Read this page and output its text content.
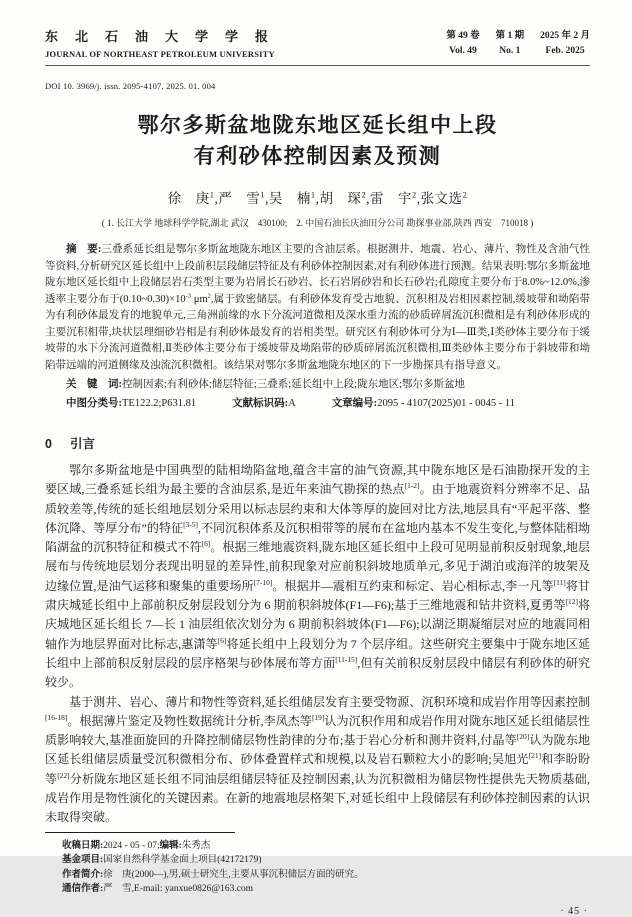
东北石油大学学报
JOURNAL OF NORTHEAST PETROLEUM UNIVERSITY
第 49 卷
Vol. 49
第 1 期
No. 1
2025 年 2 月
Feb. 2025
DOI 10. 3969/j. issn. 2095-4107. 2025. 01. 004
鄂尔多斯盆地陇东地区延长组中上段
有利砂体控制因素及预测
徐　庚$^1$,严　雪$^1$,吴　楠$^1$,胡　琛$^2$,雷　宇$^2$,张文选$^2$
( 1. 长江大学 地球科学学院,湖北 武汉　430100;　2. 中国石油长庆油田分公司 勘探事业部,陕西 西安　710018 )
摘　要:三叠系延长组是鄂尔多斯盆地陇东地区主要的含油层系。根据测井、地震、岩心、薄片、物性及含油气性等资料,分析研究区延长组中上段前积层段储层特征及有利砂体控制因素,对有利砂体进行预测。结果表明:鄂尔多斯盆地陇东地区延长组中上段储层岩石类型主要为岩屑长石砂岩、长石岩屑砂岩和长石砂岩;孔隙度主要分布于8.0%~12.0%,渗透率主要分布于$(0.10\sim 0.30)\times 10^{-3}$ $\mu m^2$,属于致密储层。有利砂体发育受古地貌、沉积相及岩相因素控制,缓坡带和坳陷带为有利砂体最发育的地貌单元,三角洲前缘的水下分流河道微相及深水重力流的砂质碎屑流沉积微相是有利砂体形成的主要沉积相带,块状层理细砂岩相是有利砂体最发育的岩相类型。研究区有利砂体可分为Ⅰ—Ⅲ类,Ⅰ类砂体主要分布于缓坡带的水下分流河道微相,Ⅱ类砂体主要分布于缓坡带及坳陷带的砂质碎屑流沉积微相,Ⅲ类砂体主要分布于斜坡带和坳陷带远端的河道侧缘及浊流沉积微相。该结果对鄂尔多斯盆地陇东地区的下一步勘探具有指导意义。
关　键　词:控制因素;有利砂体;储层特征;三叠系;延长组中上段;陇东地区;鄂尔多斯盆地
中图分类号:TE122.2;P631.81	文献标识码:A	文章编号:2095 - 4107(2025)01 - 0045 - 11
0 引言
鄂尔多斯盆地是中国典型的陆相坳陷盆地,蕴含丰富的油气资源,其中陇东地区是石油勘探开发的主要区域,三叠系延长组为最主要的含油层系,是近年来油气勘探的热点[1-2]。由于地震资料分辨率不足、品质较差等,传统的延长组地层划分采用以标志层约束和大体等厚的旋回对比方法,地层具有“平起平落、整体沉降、等厚分布”的特征[3-5],不同沉积体系及沉积相带等的展布在盆地内基本不发生变化,与整体陆相坳陷湖盆的沉积特征和模式不符[6]。根据三维地震资料,陇东地区延长组中上段可见明显前积反射现象,地层展布与传统地层划分表现出明显的差异性,前积现象对应前积斜坡地质单元,多见于湖泊或海洋的坡架及边缘位置,是油气运移和聚集的重要场所[7-10]。根据井—震相互约束和标定、岩心相标志,李一凡等[11]将甘肃庆城延长组中上部前积反射层段划分为 6 期前积斜坡体(F1—F6);基于三维地震和钻井资料,夏勇等[12]将庆城地区延长组长 7—长 1 油层组依次划分为 6 期前积斜坡体(F1—F6);以湖泛期凝缩层对应的地震同相轴作为地层界面对比标志,惠潇等[6]将延长组中上段划分为 7 个层序组。这些研究主要集中于陇东地区延长组中上部前积反射层段的层序格架与砂体展布等方面[11-15],但有关前积反射层段中储层有利砂体的研究较少。
基于测井、岩心、薄片和物性等资料,延长组储层发育主要受物源、沉积环境和成岩作用等因素控制[16-18]。根据薄片鉴定及物性数据统计分析,李凤杰等[19]认为沉积作用和成岩作用对陇东地区延长组储层性质影响较大,基准面旋回的升降控制储层物性韵律的分布;基于岩心分析和测井资料,付晶等[20]认为陇东地区延长组储层质量受沉积微相分布、砂体叠置样式和规模,以及岩石颗粒大小的影响;吴旭光[21]和李盼盼等[22]分析陇东地区延长组不同油层组储层特征及控制因素,认为沉积微相为储层物性提供先天物质基础,成岩作用是物性演化的关键因素。在新的地震地层格架下,对延长组中上段储层有利砂体控制因素的认识未取得突破。
收稿日期:2024 - 05 - 07;编辑:朱秀杰
基金项目:国家自然科学基金面上项目(42172179)
作者简介:徐　庚(2000—),男,硕士研究生,主要从事沉积储层方面的研究。
通信作者:严　雪,E-mail: yanxue0826@163.com
· 45 ·
